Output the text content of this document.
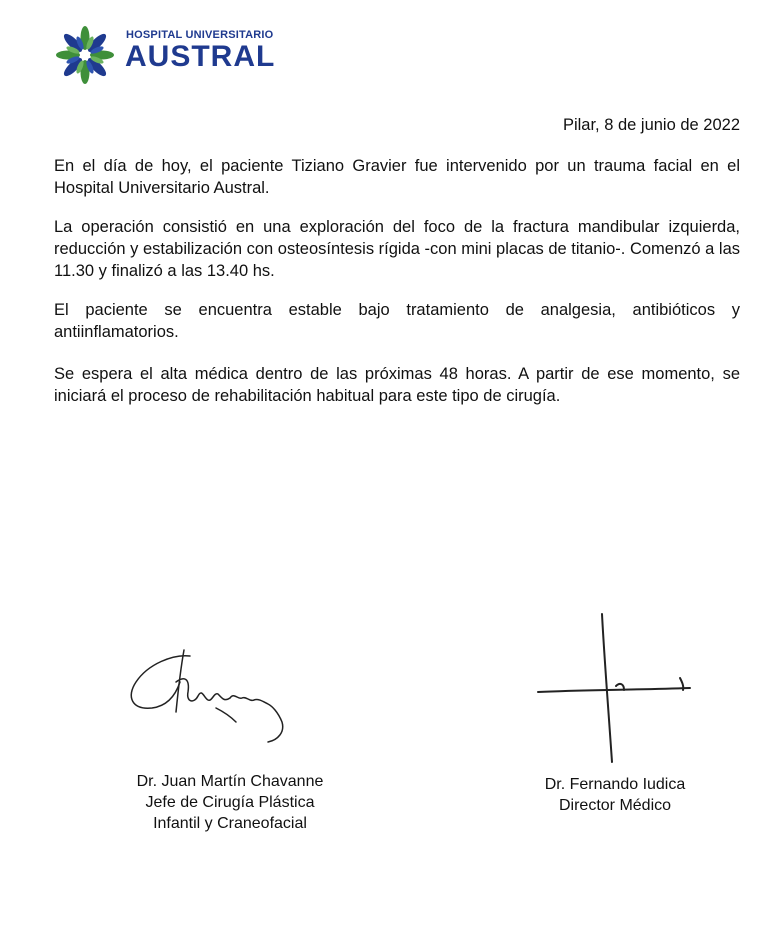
HOSPITAL UNIVERSITARIO
AUSTRAL
Pilar, 8 de junio de 2022

En el día de hoy, el paciente Tiziano Gravier fue intervenido por un trauma facial en el Hospital Universitario Austral.

La operación consistió en una exploración del foco de la fractura mandibular izquierda, reducción y estabilización con osteosíntesis rígida -con mini placas de titanio-. Comenzó a las 11.30 y finalizó a las 13.40 hs.

El paciente se encuentra estable bajo tratamiento de analgesia, antibióticos y antiinflamatorios.

Se espera el alta médica dentro de las próximas 48 horas. A partir de ese momento, se iniciará el proceso de rehabilitación habitual para este tipo de cirugía.

Dr. Juan Martín Chavanne
Jefe de Cirugía Plástica
Infantil y Craneofacial
Dr. Fernando Iudica
Director Médico
